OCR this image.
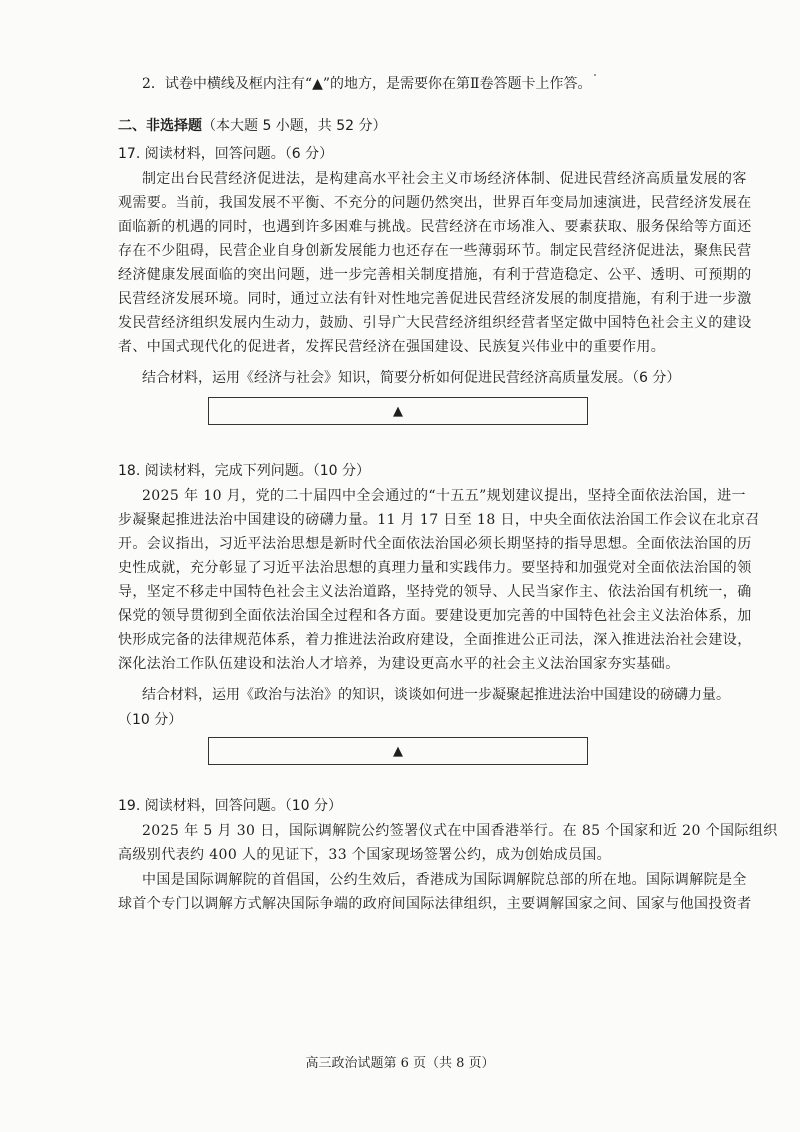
2．试卷中横线及框内注有“▲”的地方，是需要你在第Ⅱ卷答题卡上作答。
二、非选择题（本大题 5 小题，共 52 分）
17. 阅读材料，回答问题。（6 分）
制定出台民营经济促进法，是构建高水平社会主义市场经济体制、促进民营经济高质量发展的客
观需要。当前，我国发展不平衡、不充分的问题仍然突出，世界百年变局加速演进，民营经济发展在
面临新的机遇的同时，也遇到许多困难与挑战。民营经济在市场准入、要素获取、服务保给等方面还
存在不少阻碍，民营企业自身创新发展能力也还存在一些薄弱环节。制定民营经济促进法，聚焦民营
经济健康发展面临的突出问题，进一步完善相关制度措施，有利于营造稳定、公平、透明、可预期的
民营经济发展环境。同时，通过立法有针对性地完善促进民营经济发展的制度措施，有利于进一步激
发民营经济组织发展内生动力，鼓励、引导广大民营经济组织经营者坚定做中国特色社会主义的建设
者、中国式现代化的促进者，发挥民营经济在强国建设、民族复兴伟业中的重要作用。
结合材料，运用《经济与社会》知识，简要分析如何促进民营经济高质量发展。（6 分）
▲
18. 阅读材料，完成下列问题。（10 分）
2025 年 10 月，党的二十届四中全会通过的“十五五”规划建议提出，坚持全面依法治国，进一
步凝聚起推进法治中国建设的磅礴力量。11 月 17 日至 18 日，中央全面依法治国工作会议在北京召
开。会议指出，习近平法治思想是新时代全面依法治国必须长期坚持的指导思想。全面依法治国的历
史性成就，充分彰显了习近平法治思想的真理力量和实践伟力。要坚持和加强党对全面依法治国的领
导，坚定不移走中国特色社会主义法治道路，坚持党的领导、人民当家作主、依法治国有机统一，确
保党的领导贯彻到全面依法治国全过程和各方面。要建设更加完善的中国特色社会主义法治体系，加
快形成完备的法律规范体系，着力推进法治政府建设，全面推进公正司法，深入推进法治社会建设，
深化法治工作队伍建设和法治人才培养，为建设更高水平的社会主义法治国家夯实基础。
结合材料，运用《政治与法治》的知识，谈谈如何进一步凝聚起推进法治中国建设的磅礴力量。
（10 分）
▲
19. 阅读材料，回答问题。（10 分）
2025 年 5 月 30 日，国际调解院公约签署仪式在中国香港举行。在 85 个国家和近 20 个国际组织
高级别代表约 400 人的见证下，33 个国家现场签署公约，成为创始成员国。
中国是国际调解院的首倡国，公约生效后，香港成为国际调解院总部的所在地。国际调解院是全
球首个专门以调解方式解决国际争端的政府间国际法律组织，主要调解国家之间、国家与他国投资者
高三政治试题第 6 页（共 8 页）
